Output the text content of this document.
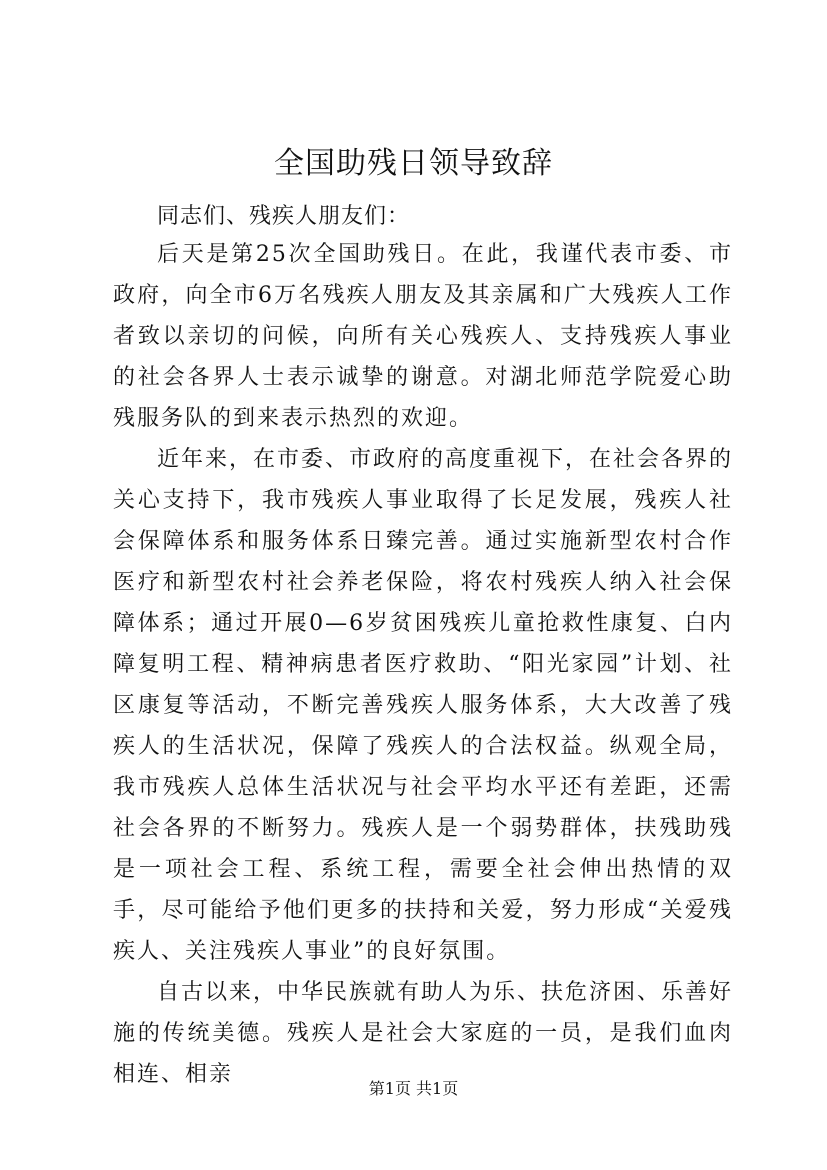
全国助残日领导致辞

同志们、残疾人朋友们：

后天是第25次全国助残日。在此，我谨代表市委、市政府，向全市6万名残疾人朋友及其亲属和广大残疾人工作者致以亲切的问候，向所有关心残疾人、支持残疾人事业的社会各界人士表示诚挚的谢意。对湖北师范学院爱心助残服务队的到来表示热烈的欢迎。

近年来，在市委、市政府的高度重视下，在社会各界的关心支持下，我市残疾人事业取得了长足发展，残疾人社会保障体系和服务体系日臻完善。通过实施新型农村合作医疗和新型农村社会养老保险，将农村残疾人纳入社会保障体系；通过开展0—6岁贫困残疾儿童抢救性康复、白内障复明工程、精神病患者医疗救助、“阳光家园”计划、社区康复等活动，不断完善残疾人服务体系，大大改善了残疾人的生活状况，保障了残疾人的合法权益。纵观全局，我市残疾人总体生活状况与社会平均水平还有差距，还需社会各界的不断努力。残疾人是一个弱势群体，扶残助残是一项社会工程、系统工程，需要全社会伸出热情的双手，尽可能给予他们更多的扶持和关爱，努力形成“关爱残疾人、关注残疾人事业”的良好氛围。

自古以来，中华民族就有助人为乐、扶危济困、乐善好施的传统美德。残疾人是社会大家庭的一员，是我们血肉相连、相亲

第1页 共1页
